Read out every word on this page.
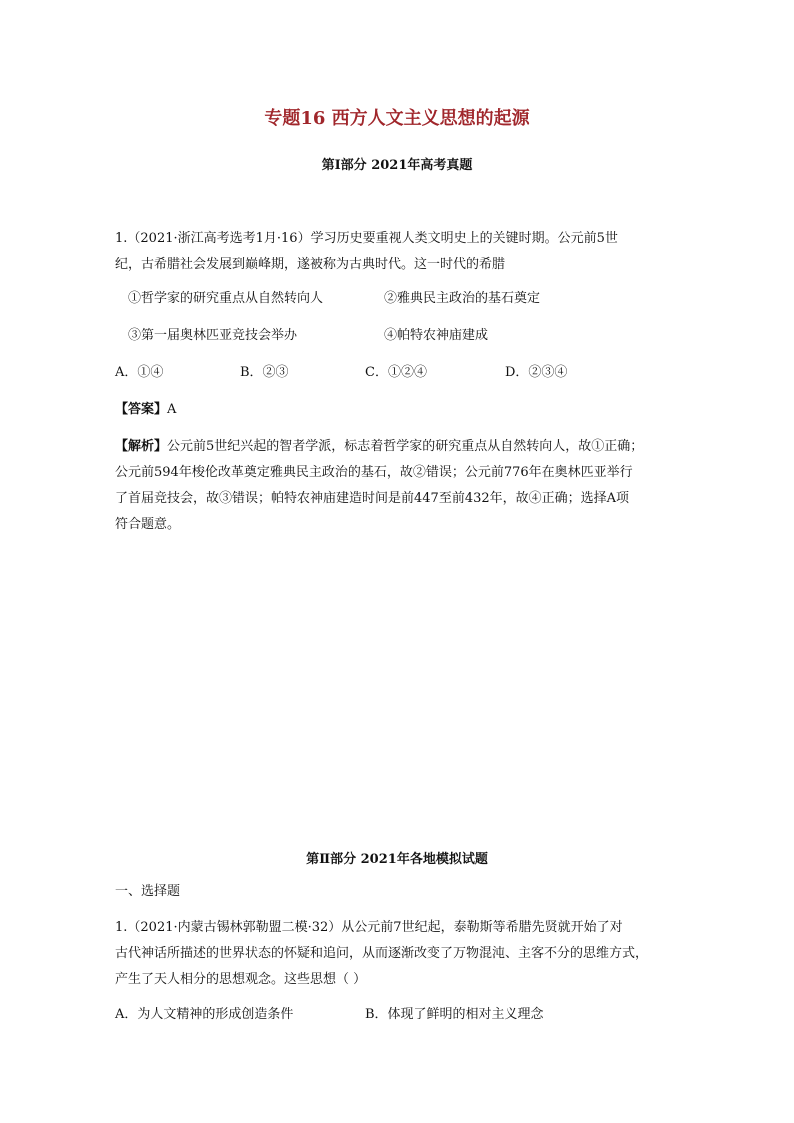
专题16 西方人文主义思想的起源
第Ⅰ部分 2021年高考真题
1.（2021·浙江高考选考1月·16）学习历史要重视人类文明史上的关键时期。公元前5世
纪，古希腊社会发展到巅峰期，遂被称为古典时代。这一时代的希腊
①哲学家的研究重点从自然转向人	②雅典民主政治的基石奠定
③第一届奥林匹亚竞技会举办	④帕特农神庙建成
A．①④	B．②③	C．①②④	D．②③④
【答案】A
【解析】公元前5世纪兴起的智者学派，标志着哲学家的研究重点从自然转向人，故①正确；
公元前594年梭伦改革奠定雅典民主政治的基石，故②错误；公元前776年在奥林匹亚举行
了首届竞技会，故③错误；帕特农神庙建造时间是前447至前432年，故④正确；选择A项
符合题意。
第Ⅱ部分 2021年各地模拟试题
一、选择题
1.（2021·内蒙古锡林郭勒盟二模·32）从公元前7世纪起，泰勒斯等希腊先贤就开始了对
古代神话所描述的世界状态的怀疑和追问，从而逐渐改变了万物混沌、主客不分的思维方式，
产生了天人相分的思想观念。这些思想（ ）
A．为人文精神的形成创造条件	B．体现了鲜明的相对主义理念
